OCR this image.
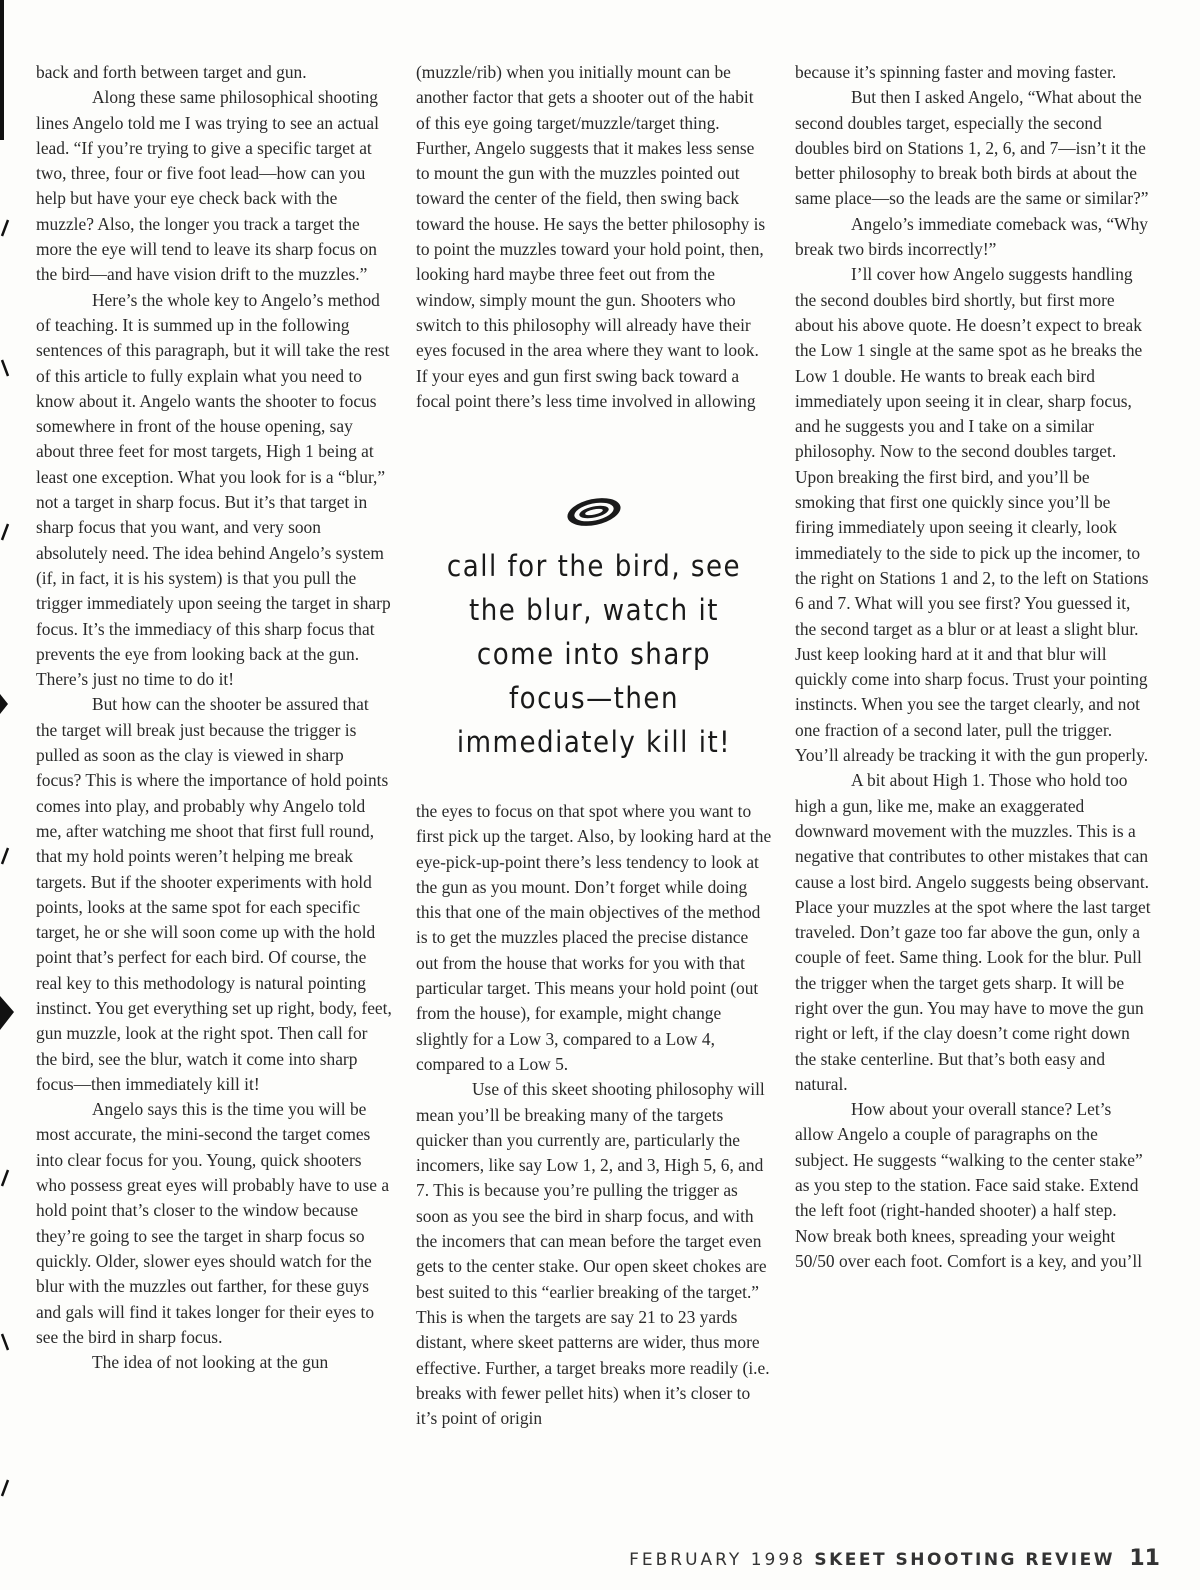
back and forth between target and gun.

Along these same philosophical shooting lines Angelo told me I was trying to see an actual lead. “If you’re trying to give a specific target at two, three, four or five foot lead—how can you help but have your eye check back with the muzzle? Also, the longer you track a target the more the eye will tend to leave its sharp focus on the bird—and have vision drift to the muzzles.”

Here’s the whole key to Angelo’s method of teaching. It is summed up in the following sentences of this paragraph, but it will take the rest of this article to fully explain what you need to know about it. Angelo wants the shooter to focus somewhere in front of the house opening, say about three feet for most targets, High 1 being at least one exception. What you look for is a “blur,” not a target in sharp focus. But it’s that target in sharp focus that you want, and very soon absolutely need. The idea behind Angelo’s system (if, in fact, it is his system) is that you pull the trigger immediately upon seeing the target in sharp focus. It’s the immediacy of this sharp focus that prevents the eye from looking back at the gun. There’s just no time to do it!

But how can the shooter be assured that the target will break just because the trigger is pulled as soon as the clay is viewed in sharp focus? This is where the importance of hold points comes into play, and probably why Angelo told me, after watching me shoot that first full round, that my hold points weren’t helping me break targets. But if the shooter experiments with hold points, looks at the same spot for each specific target, he or she will soon come up with the hold point that’s perfect for each bird. Of course, the real key to this methodology is natural pointing instinct. You get everything set up right, body, feet, gun muzzle, look at the right spot. Then call for the bird, see the blur, watch it come into sharp focus—then immediately kill it!

Angelo says this is the time you will be most accurate, the mini-second the target comes into clear focus for you. Young, quick shooters who possess great eyes will probably have to use a hold point that’s closer to the window because they’re going to see the target in sharp focus so quickly. Older, slower eyes should watch for the blur with the muzzles out farther, for these guys and gals will find it takes longer for their eyes to see the bird in sharp focus.

The idea of not looking at the gun

(muzzle/rib) when you initially mount can be another factor that gets a shooter out of the habit of this eye going target/muzzle/target thing. Further, Angelo suggests that it makes less sense to mount the gun with the muzzles pointed out toward the center of the field, then swing back toward the house. He says the better philosophy is to point the muzzles toward your hold point, then, looking hard maybe three feet out from the window, simply mount the gun. Shooters who switch to this philosophy will already have their eyes focused in the area where they want to look. If your eyes and gun first swing back toward a focal point there’s less time involved in allowing

call for the bird, see the blur, watch it come into sharp focus—then immediately kill it!

the eyes to focus on that spot where you want to first pick up the target. Also, by looking hard at the eye-pick-up-point there’s less tendency to look at the gun as you mount. Don’t forget while doing this that one of the main objectives of the method is to get the muzzles placed the precise distance out from the house that works for you with that particular target. This means your hold point (out from the house), for example, might change slightly for a Low 3, compared to a Low 4, compared to a Low 5.

Use of this skeet shooting philosophy will mean you’ll be breaking many of the targets quicker than you currently are, particularly the incomers, like say Low 1, 2, and 3, High 5, 6, and 7. This is because you’re pulling the trigger as soon as you see the bird in sharp focus, and with the incomers that can mean before the target even gets to the center stake. Our open skeet chokes are best suited to this “earlier breaking of the target.” This is when the targets are say 21 to 23 yards distant, where skeet patterns are wider, thus more effective. Further, a target breaks more readily (i.e. breaks with fewer pellet hits) when it’s closer to it’s point of origin

because it’s spinning faster and moving faster.

But then I asked Angelo, “What about the second doubles target, especially the second doubles bird on Stations 1, 2, 6, and 7—isn’t it the better philosophy to break both birds at about the same place—so the leads are the same or similar?”

Angelo’s immediate comeback was, “Why break two birds incorrectly!”

I’ll cover how Angelo suggests handling the second doubles bird shortly, but first more about his above quote. He doesn’t expect to break the Low 1 single at the same spot as he breaks the Low 1 double. He wants to break each bird immediately upon seeing it in clear, sharp focus, and he suggests you and I take on a similar philosophy. Now to the second doubles target. Upon breaking the first bird, and you’ll be smoking that first one quickly since you’ll be firing immediately upon seeing it clearly, look immediately to the side to pick up the incomer, to the right on Stations 1 and 2, to the left on Stations 6 and 7. What will you see first? You guessed it, the second target as a blur or at least a slight blur. Just keep looking hard at it and that blur will quickly come into sharp focus. Trust your pointing instincts. When you see the target clearly, and not one fraction of a second later, pull the trigger. You’ll already be tracking it with the gun properly.

A bit about High 1. Those who hold too high a gun, like me, make an exaggerated downward movement with the muzzles. This is a negative that contributes to other mistakes that can cause a lost bird. Angelo suggests being observant. Place your muzzles at the spot where the last target traveled. Don’t gaze too far above the gun, only a couple of feet. Same thing. Look for the blur. Pull the trigger when the target gets sharp. It will be right over the gun. You may have to move the gun right or left, if the clay doesn’t come right down the stake centerline. But that’s both easy and natural.

How about your overall stance? Let’s allow Angelo a couple of paragraphs on the subject. He suggests “walking to the center stake” as you step to the station. Face said stake. Extend the left foot (right-handed shooter) a half step. Now break both knees, spreading your weight 50/50 over each foot. Comfort is a key, and you’ll

FEBRUARY 1998 SKEET SHOOTING REVIEW 11
